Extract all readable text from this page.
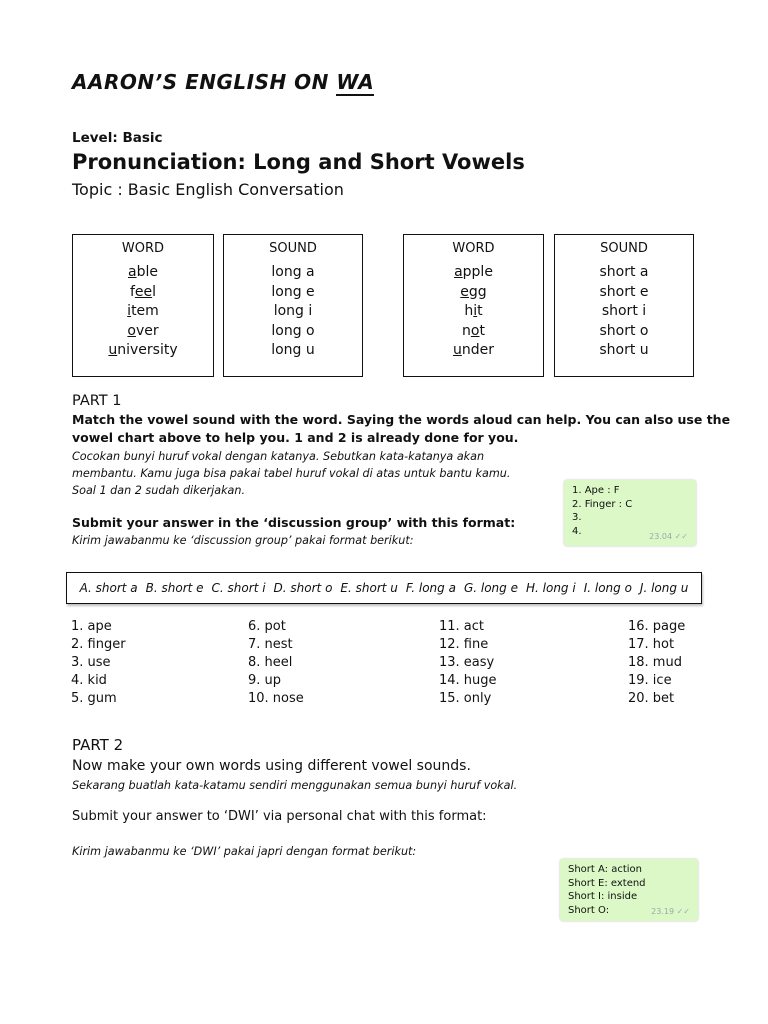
AARON’S ENGLISH ON WA
Level: Basic
Pronunciation: Long and Short Vowels
Topic : Basic English Conversation
WORD
able
feel
item
over
university
SOUND
long a
long e
long i
long o
long u
WORD
apple
egg
hit
not
under
SOUND
short a
short e
short i
short o
short u
PART 1
Match the vowel sound with the word. Saying the words aloud can help. You can also use the
vowel chart above to help you. 1 and 2 is already done for you.
Cocokan bunyi huruf vokal dengan katanya. Sebutkan kata-katanya akan
membantu. Kamu juga bisa pakai tabel huruf vokal di atas untuk bantu kamu.
Soal 1 dan 2 sudah dikerjakan.
Submit your answer in the ‘discussion group’ with this format:
Kirim jawabanmu ke ‘discussion group’ pakai format berikut:
1. Ape : F
2. Finger : C
3.
4.	23.04 ✓✓
A. short a B. short e C. short i D. short o E. short u F. long a G. long e H. long i I. long o J. long u
1. ape
2. finger
3. use
4. kid
5. gum
6. pot
7. nest
8. heel
9. up
10. nose
11. act
12. fine
13. easy
14. huge
15. only
16. page
17. hot
18. mud
19. ice
20. bet
PART 2
Now make your own words using different vowel sounds.
Sekarang buatlah kata-katamu sendiri menggunakan semua bunyi huruf vokal.
Submit your answer to ‘DWI’ via personal chat with this format:
Kirim jawabanmu ke ‘DWI’ pakai japri dengan format berikut:
Short A: action
Short E: extend
Short I: inside
Short O:	23.19 ✓✓
